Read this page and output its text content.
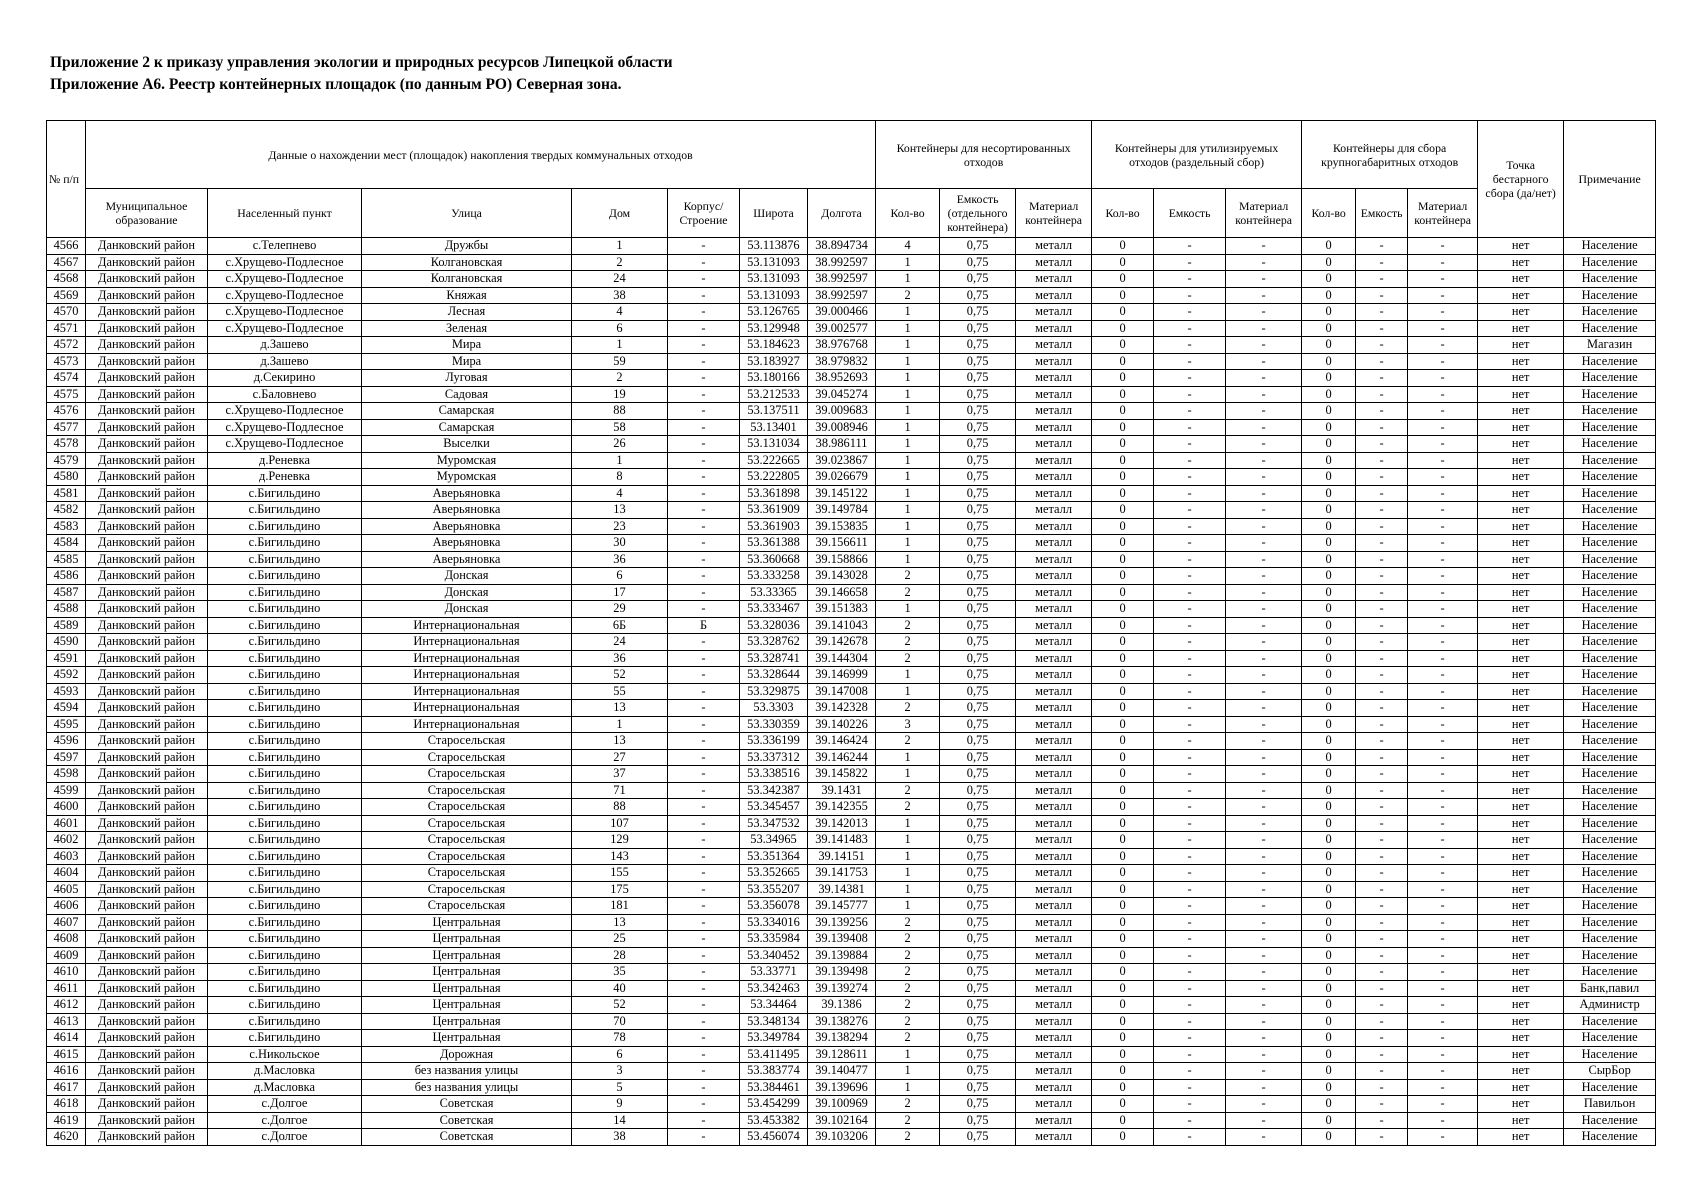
Приложение 2 к приказу управления экологии и природных ресурсов Липецкой области
Приложение А6. Реестр контейнерных площадок (по данным РО) Северная зона.
№ п/п	Данные о нахождении мест (площадок) накопления твердых коммунальных отходов							Контейнеры для несортированных отходов			Контейнеры для утилизируемых отходов (раздельный сбор)			Контейнеры для сбора крупногабаритных отходов			Точка бестарного сбора (да/нет)	Примечание
	Муниципальное образование	Населенный пункт	Улица	Дом	Корпус/ Строение	Широта	Долгота	Кол-во	Емкость (отдельного контейнера)	Материал контейнера	Кол-во	Емкость	Материал контейнера	Кол-во	Емкость	Материал контейнера		
4566	Данковский район	с.Телепнево	Дружбы	1	-	53.113876	38.894734	4	0,75	металл	0	-	-	0	-	-	нет	Население
4567	Данковский район	с.Хрущево-Подлесное	Колгановская	2	-	53.131093	38.992597	1	0,75	металл	0	-	-	0	-	-	нет	Население
4568	Данковский район	с.Хрущево-Подлесное	Колгановская	24	-	53.131093	38.992597	1	0,75	металл	0	-	-	0	-	-	нет	Население
4569	Данковский район	с.Хрущево-Подлесное	Княжая	38	-	53.131093	38.992597	2	0,75	металл	0	-	-	0	-	-	нет	Население
4570	Данковский район	с.Хрущево-Подлесное	Лесная	4	-	53.126765	39.000466	1	0,75	металл	0	-	-	0	-	-	нет	Население
4571	Данковский район	с.Хрущево-Подлесное	Зеленая	6	-	53.129948	39.002577	1	0,75	металл	0	-	-	0	-	-	нет	Население
4572	Данковский район	д.Зашево	Мира	1	-	53.184623	38.976768	1	0,75	металл	0	-	-	0	-	-	нет	Магазин
4573	Данковский район	д.Зашево	Мира	59	-	53.183927	38.979832	1	0,75	металл	0	-	-	0	-	-	нет	Население
4574	Данковский район	д.Секирино	Луговая	2	-	53.180166	38.952693	1	0,75	металл	0	-	-	0	-	-	нет	Население
4575	Данковский район	с.Баловнево	Садовая	19	-	53.212533	39.045274	1	0,75	металл	0	-	-	0	-	-	нет	Население
4576	Данковский район	с.Хрущево-Подлесное	Самарская	88	-	53.137511	39.009683	1	0,75	металл	0	-	-	0	-	-	нет	Население
4577	Данковский район	с.Хрущево-Подлесное	Самарская	58	-	53.13401	39.008946	1	0,75	металл	0	-	-	0	-	-	нет	Население
4578	Данковский район	с.Хрущево-Подлесное	Выселки	26	-	53.131034	38.986111	1	0,75	металл	0	-	-	0	-	-	нет	Население
4579	Данковский район	д.Реневка	Муромская	1	-	53.222665	39.023867	1	0,75	металл	0	-	-	0	-	-	нет	Население
4580	Данковский район	д.Реневка	Муромская	8	-	53.222805	39.026679	1	0,75	металл	0	-	-	0	-	-	нет	Население
4581	Данковский район	с.Бигильдино	Аверьяновка	4	-	53.361898	39.145122	1	0,75	металл	0	-	-	0	-	-	нет	Население
4582	Данковский район	с.Бигильдино	Аверьяновка	13	-	53.361909	39.149784	1	0,75	металл	0	-	-	0	-	-	нет	Население
4583	Данковский район	с.Бигильдино	Аверьяновка	23	-	53.361903	39.153835	1	0,75	металл	0	-	-	0	-	-	нет	Население
4584	Данковский район	с.Бигильдино	Аверьяновка	30	-	53.361388	39.156611	1	0,75	металл	0	-	-	0	-	-	нет	Население
4585	Данковский район	с.Бигильдино	Аверьяновка	36	-	53.360668	39.158866	1	0,75	металл	0	-	-	0	-	-	нет	Население
4586	Данковский район	с.Бигильдино	Донская	6	-	53.333258	39.143028	2	0,75	металл	0	-	-	0	-	-	нет	Население
4587	Данковский район	с.Бигильдино	Донская	17	-	53.33365	39.146658	2	0,75	металл	0	-	-	0	-	-	нет	Население
4588	Данковский район	с.Бигильдино	Донская	29	-	53.333467	39.151383	1	0,75	металл	0	-	-	0	-	-	нет	Население
4589	Данковский район	с.Бигильдино	Интернациональная	6Б	Б	53.328036	39.141043	2	0,75	металл	0	-	-	0	-	-	нет	Население
4590	Данковский район	с.Бигильдино	Интернациональная	24	-	53.328762	39.142678	2	0,75	металл	0	-	-	0	-	-	нет	Население
4591	Данковский район	с.Бигильдино	Интернациональная	36	-	53.328741	39.144304	2	0,75	металл	0	-	-	0	-	-	нет	Население
4592	Данковский район	с.Бигильдино	Интернациональная	52	-	53.328644	39.146999	1	0,75	металл	0	-	-	0	-	-	нет	Население
4593	Данковский район	с.Бигильдино	Интернациональная	55	-	53.329875	39.147008	1	0,75	металл	0	-	-	0	-	-	нет	Население
4594	Данковский район	с.Бигильдино	Интернациональная	13	-	53.3303	39.142328	2	0,75	металл	0	-	-	0	-	-	нет	Население
4595	Данковский район	с.Бигильдино	Интернациональная	1	-	53.330359	39.140226	3	0,75	металл	0	-	-	0	-	-	нет	Население
4596	Данковский район	с.Бигильдино	Старосельская	13	-	53.336199	39.146424	2	0,75	металл	0	-	-	0	-	-	нет	Население
4597	Данковский район	с.Бигильдино	Старосельская	27	-	53.337312	39.146244	1	0,75	металл	0	-	-	0	-	-	нет	Население
4598	Данковский район	с.Бигильдино	Старосельская	37	-	53.338516	39.145822	1	0,75	металл	0	-	-	0	-	-	нет	Население
4599	Данковский район	с.Бигильдино	Старосельская	71	-	53.342387	39.1431	2	0,75	металл	0	-	-	0	-	-	нет	Население
4600	Данковский район	с.Бигильдино	Старосельская	88	-	53.345457	39.142355	2	0,75	металл	0	-	-	0	-	-	нет	Население
4601	Данковский район	с.Бигильдино	Старосельская	107	-	53.347532	39.142013	1	0,75	металл	0	-	-	0	-	-	нет	Население
4602	Данковский район	с.Бигильдино	Старосельская	129	-	53.34965	39.141483	1	0,75	металл	0	-	-	0	-	-	нет	Население
4603	Данковский район	с.Бигильдино	Старосельская	143	-	53.351364	39.14151	1	0,75	металл	0	-	-	0	-	-	нет	Население
4604	Данковский район	с.Бигильдино	Старосельская	155	-	53.352665	39.141753	1	0,75	металл	0	-	-	0	-	-	нет	Население
4605	Данковский район	с.Бигильдино	Старосельская	175	-	53.355207	39.14381	1	0,75	металл	0	-	-	0	-	-	нет	Население
4606	Данковский район	с.Бигильдино	Старосельская	181	-	53.356078	39.145777	1	0,75	металл	0	-	-	0	-	-	нет	Население
4607	Данковский район	с.Бигильдино	Центральная	13	-	53.334016	39.139256	2	0,75	металл	0	-	-	0	-	-	нет	Население
4608	Данковский район	с.Бигильдино	Центральная	25	-	53.335984	39.139408	2	0,75	металл	0	-	-	0	-	-	нет	Население
4609	Данковский район	с.Бигильдино	Центральная	28	-	53.340452	39.139884	2	0,75	металл	0	-	-	0	-	-	нет	Население
4610	Данковский район	с.Бигильдино	Центральная	35	-	53.33771	39.139498	2	0,75	металл	0	-	-	0	-	-	нет	Население
4611	Данковский район	с.Бигильдино	Центральная	40	-	53.342463	39.139274	2	0,75	металл	0	-	-	0	-	-	нет	Банк,павил
4612	Данковский район	с.Бигильдино	Центральная	52	-	53.34464	39.1386	2	0,75	металл	0	-	-	0	-	-	нет	Администр
4613	Данковский район	с.Бигильдино	Центральная	70	-	53.348134	39.138276	2	0,75	металл	0	-	-	0	-	-	нет	Население
4614	Данковский район	с.Бигильдино	Центральная	78	-	53.349784	39.138294	2	0,75	металл	0	-	-	0	-	-	нет	Население
4615	Данковский район	с.Никольское	Дорожная	6	-	53.411495	39.128611	1	0,75	металл	0	-	-	0	-	-	нет	Население
4616	Данковский район	д.Масловка	без названия улицы	3	-	53.383774	39.140477	1	0,75	металл	0	-	-	0	-	-	нет	СырБор
4617	Данковский район	д.Масловка	без названия улицы	5	-	53.384461	39.139696	1	0,75	металл	0	-	-	0	-	-	нет	Население
4618	Данковский район	с.Долгое	Советская	9	-	53.454299	39.100969	2	0,75	металл	0	-	-	0	-	-	нет	Павильон
4619	Данковский район	с.Долгое	Советская	14	-	53.453382	39.102164	2	0,75	металл	0	-	-	0	-	-	нет	Население
4620	Данковский район	с.Долгое	Советская	38	-	53.456074	39.103206	2	0,75	металл	0	-	-	0	-	-	нет	Население
